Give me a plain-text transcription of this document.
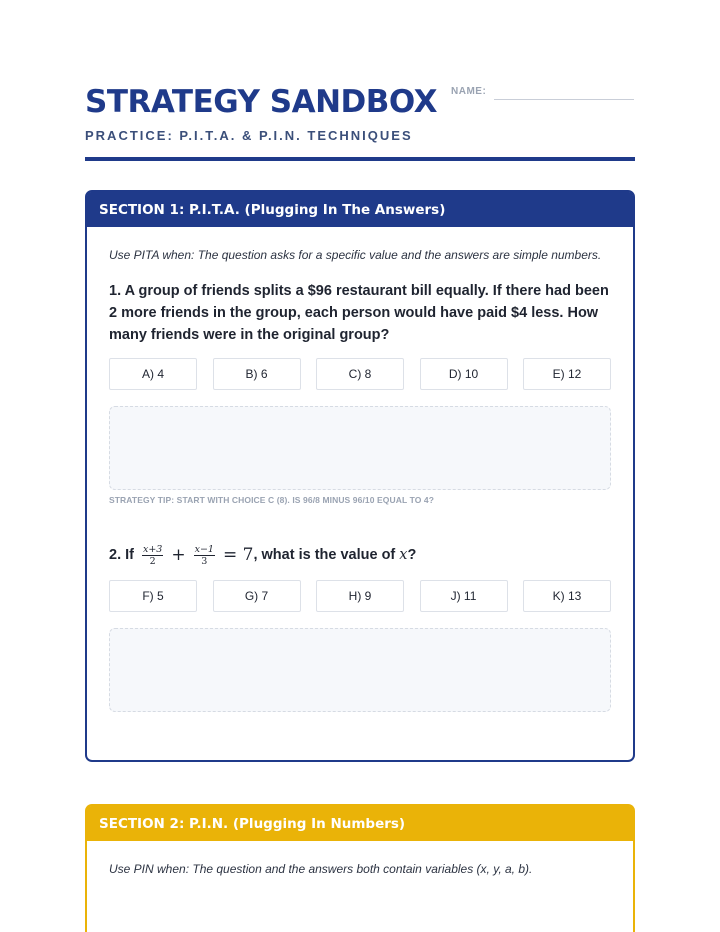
STRATEGY SANDBOX
PRACTICE: P.I.T.A. & P.I.N. TECHNIQUES
NAME:
SECTION 1: P.I.T.A. (Plugging In The Answers)
Use PITA when: The question asks for a specific value and the answers are simple numbers.
1. A group of friends splits a $96 restaurant bill equally. If there had been 2 more friends in the group, each person would have paid $4 less. How many friends were in the original group?
A) 4	B) 6	C) 8	D) 10	E) 12
STRATEGY TIP: START WITH CHOICE C (8). IS 96/8 MINUS 96/10 EQUAL TO 4?
2. If $\frac{x+3}{2} + \frac{x-1}{3} = 7$ , what is the value of x ?
F) 5	G) 7	H) 9	J) 11	K) 13
SECTION 2: P.I.N. (Plugging In Numbers)
Use PIN when: The question and the answers both contain variables (x, y, a, b).
